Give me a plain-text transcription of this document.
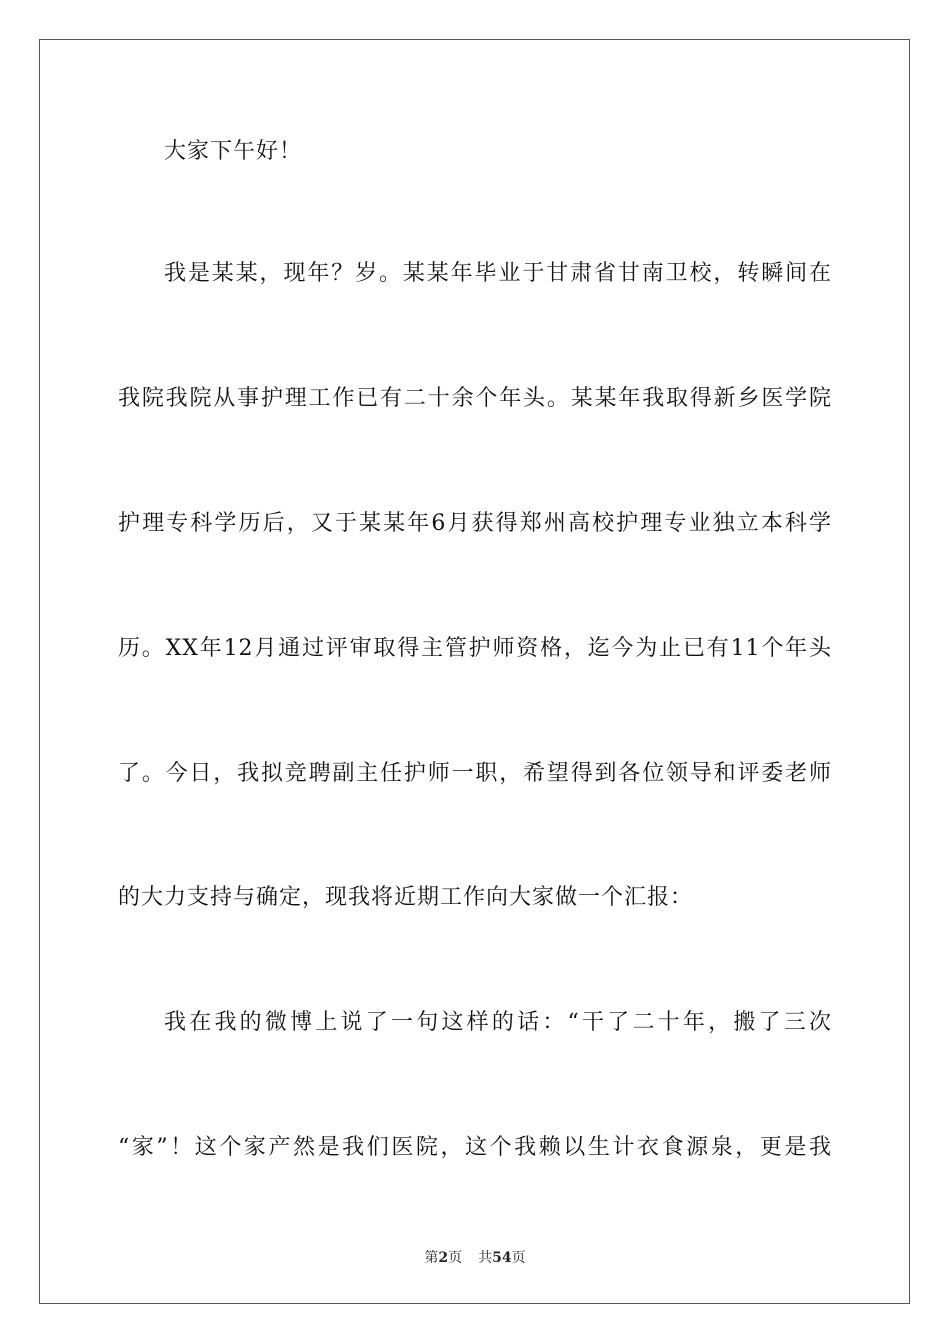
大家下午好！
我是某某，现年？岁。某某年毕业于甘肃省甘南卫校，转瞬间在
我院我院从事护理工作已有二十余个年头。某某年我取得新乡医学院
护理专科学历后，又于某某年6月获得郑州高校护理专业独立本科学
历。XX年12月通过评审取得主管护师资格，迄今为止已有11个年头
了。今日，我拟竞聘副主任护师一职，希望得到各位领导和评委老师
的大力支持与确定，现我将近期工作向大家做一个汇报：
我在我的微博上说了一句这样的话：“干了二十年，搬了三次
“家”！这个家产然是我们医院，这个我赖以生计衣食源泉，更是我
第2页 共54页
